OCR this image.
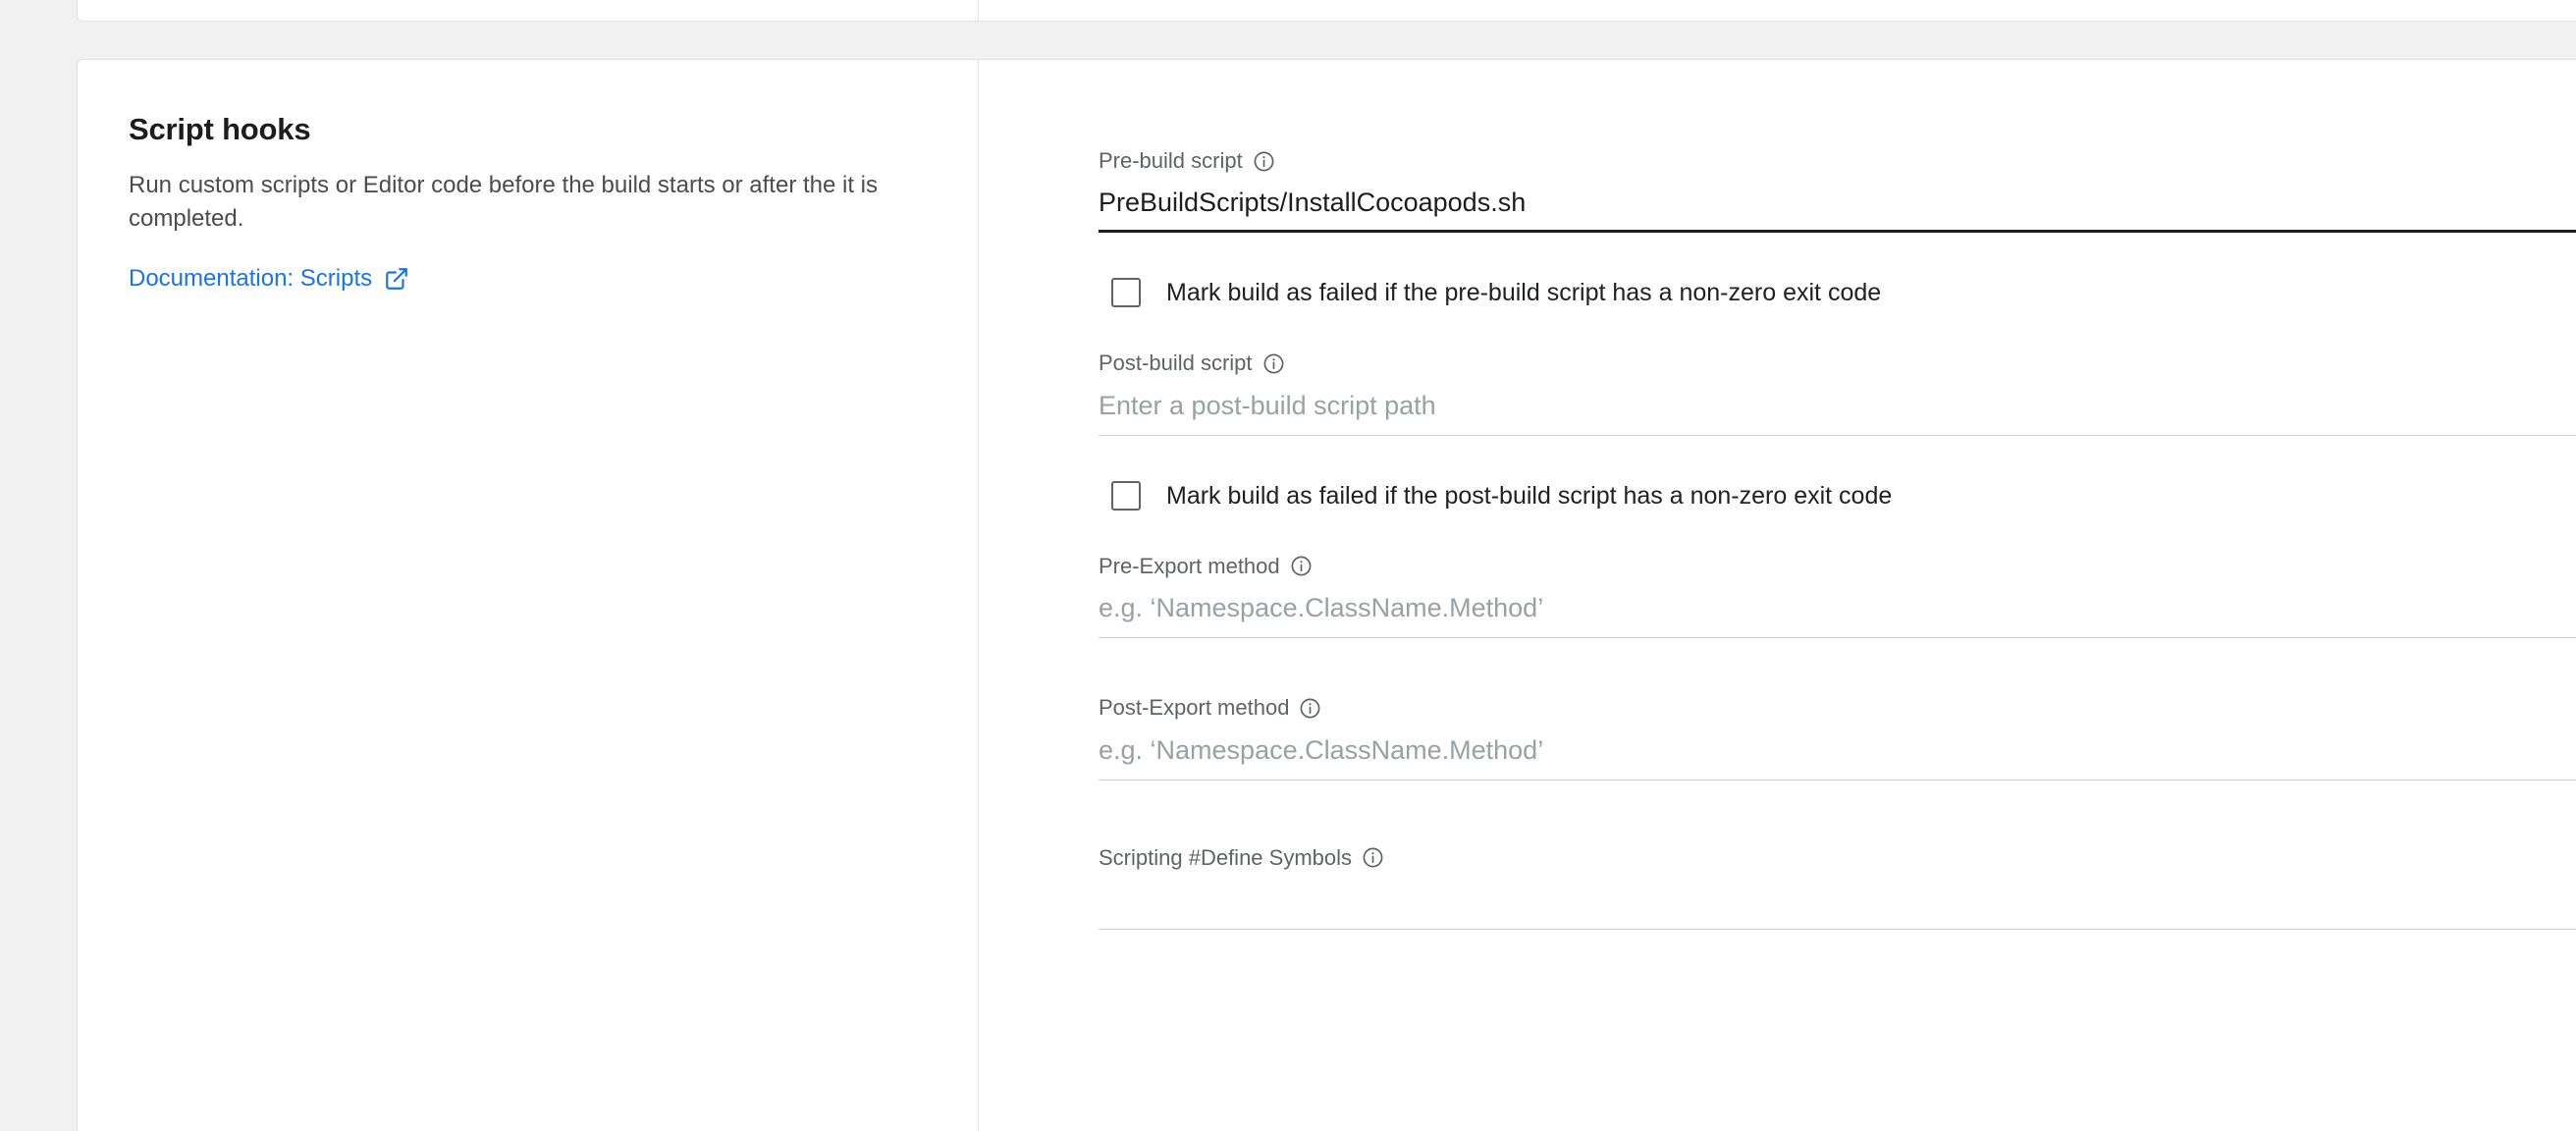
Script hooks

Run custom scripts or Editor code before the build starts or after the it is completed.

Documentation: Scripts
Pre-build script
PreBuildScripts/InstallCocoapods.sh
Mark build as failed if the pre-build script has a non-zero exit code
Post-build script
Enter a post-build script path
Mark build as failed if the post-build script has a non-zero exit code
Pre-Export method
e.g. ‘Namespace.ClassName.Method’
Post-Export method
e.g. ‘Namespace.ClassName.Method’
Scripting #Define Symbols
